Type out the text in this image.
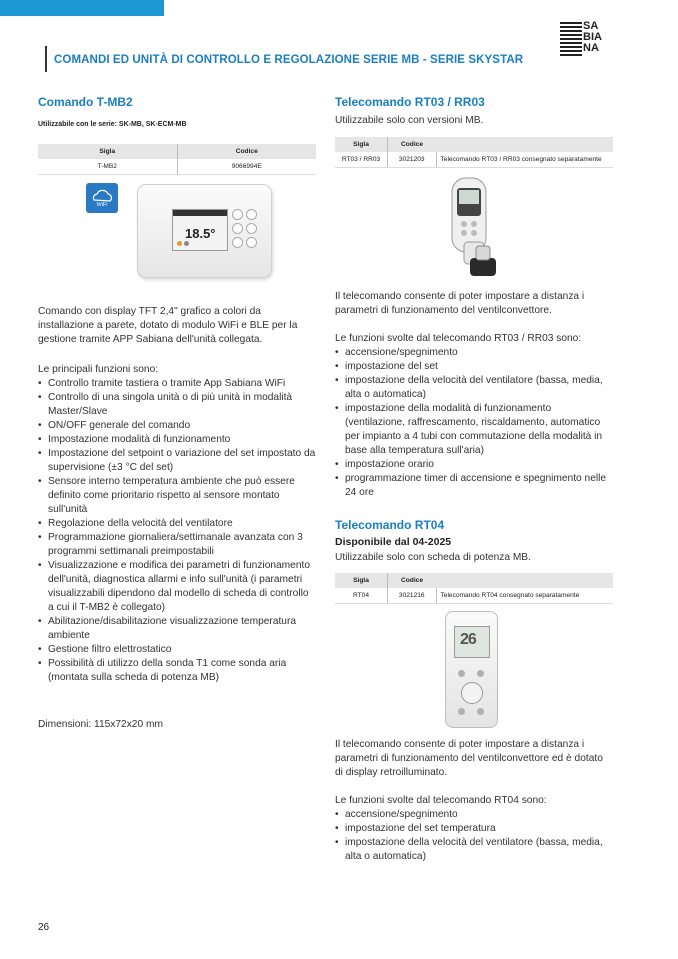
COMANDI ED UNITÀ DI CONTROLLO E REGOLAZIONE SERIE MB - SERIE SKYSTAR
SA
BIA
NA
Comando T-MB2
Utilizzabile con le serie: SK-MB, SK-ECM-MB
Sigla	Codice
T-MB2	9066994E
WiFi
18.5°
Comando con display TFT 2,4" grafico a colori da installazione a parete, dotato di modulo WiFi e BLE per la gestione tramite APP Sabiana dell'unità collegata.
Le principali funzioni sono:
• Controllo tramite tastiera o tramite App Sabiana WiFi
• Controllo di una singola unità o di più unità in modalità Master/Slave
• ON/OFF generale del comando
• Impostazione modalità di funzionamento
• Impostazione del setpoint o variazione del set impostato da supervisione (±3 °C del set)
• Sensore interno temperatura ambiente che può essere definito come prioritario rispetto al sensore montato sull'unità
• Regolazione della velocità del ventilatore
• Programmazione giornaliera/settimanale avanzata con 3 programmi settimanali preimpostabili
• Visualizzazione e modifica dei parametri di funzionamento dell'unità, diagnostica allarmi e info sull'unità (i parametri visualizzabili dipendono dal modello di scheda di controllo a cui il T-MB2 è collegato)
• Abilitazione/disabilitazione visualizzazione temperatura ambiente
• Gestione filtro elettrostatico
• Possibilità di utilizzo della sonda T1 come sonda aria (montata sulla scheda di potenza MB)
Dimensioni: 115x72x20 mm
Telecomando RT03 / RR03
Utilizzabile solo con versioni MB.
Sigla	Codice	
RT03 / RR03	3021203	Telecomando RT03 / RR03 consegnato separatamente
Il telecomando consente di poter impostare a distanza i parametri di funzionamento del ventilconvettore.
Le funzioni svolte dal telecomando RT03 / RR03 sono:
• accensione/spegnimento
• impostazione del set
• impostazione della velocità del ventilatore (bassa, media, alta o automatica)
• impostazione della modalità di funzionamento (ventilazione, raffrescamento, riscaldamento, automatico per impianto a 4 tubi con commutazione della modalità in base alla temperatura sull'aria)
• impostazione orario
• programmazione timer di accensione e spegnimento nelle 24 ore
Telecomando RT04
Disponibile dal 04-2025
Utilizzabile solo con scheda di potenza MB.
Sigla	Codice	
RT04	3021216	Telecomando RT04 consegnato separatamente
26
Il telecomando consente di poter impostare a distanza i parametri di funzionamento del ventilconvettore ed è dotato di display retroilluminato.
Le funzioni svolte dal telecomando RT04 sono:
• accensione/spegnimento
• impostazione del set temperatura
• impostazione della velocità del ventilatore (bassa, media, alta o automatica)
26
